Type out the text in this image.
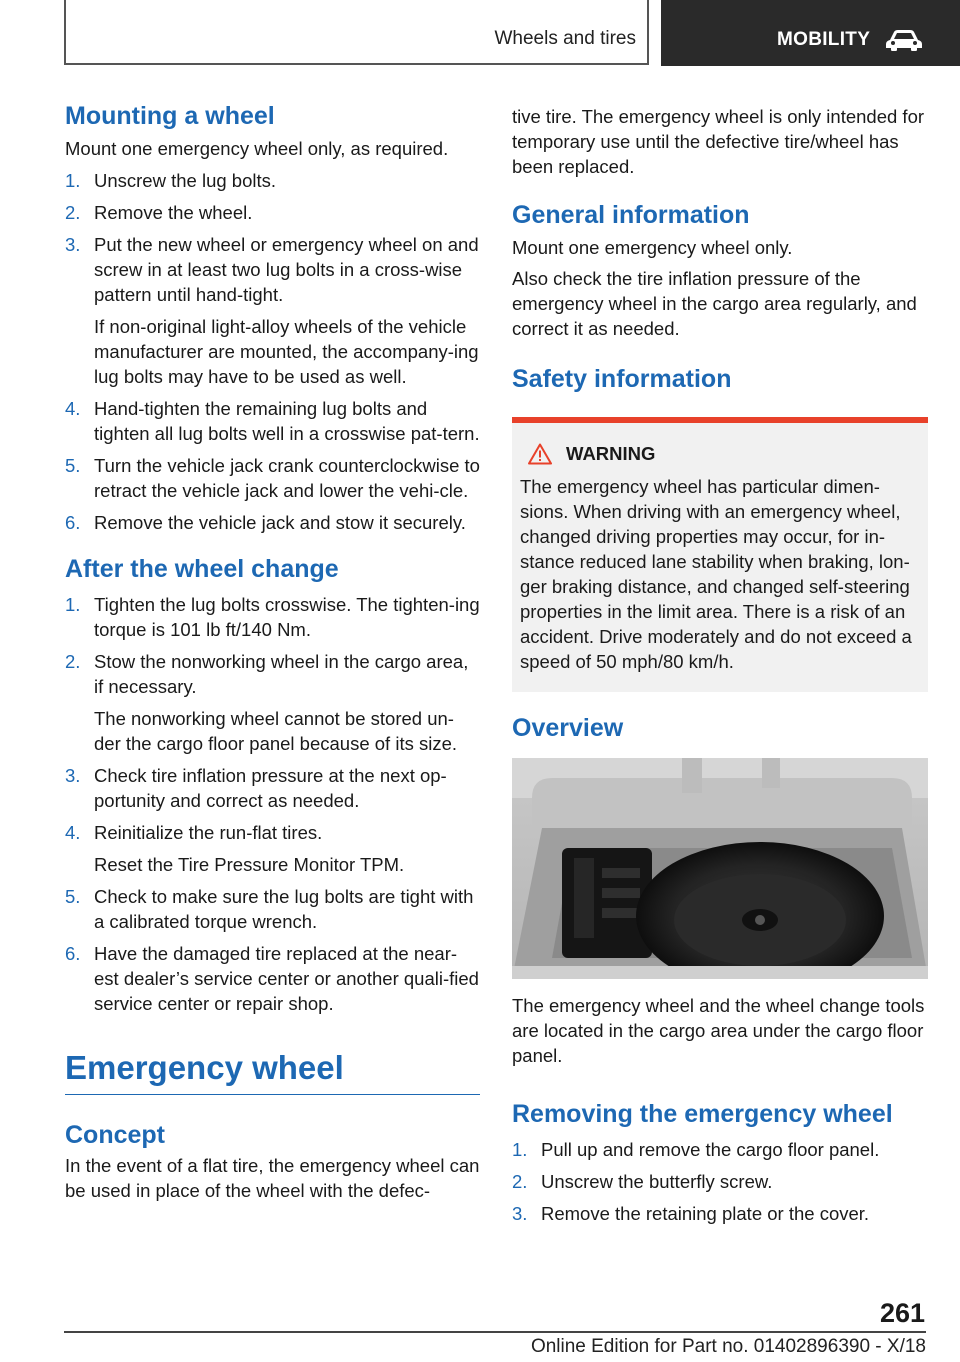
Wheels and tires	MOBILITY
Mounting a wheel

Mount one emergency wheel only, as required.

1. Unscrew the lug bolts.
2. Remove the wheel.
3. Put the new wheel or emergency wheel on and screw in at least two lug bolts in a cross-wise pattern until hand-tight.
If non-original light-alloy wheels of the vehicle manufacturer are mounted, the accompany-ing lug bolts may have to be used as well.
4. Hand-tighten the remaining lug bolts and tighten all lug bolts well in a crosswise pat-tern.
5. Turn the vehicle jack crank counterclockwise to retract the vehicle jack and lower the vehi-cle.
6. Remove the vehicle jack and stow it securely.
After the wheel change
1. Tighten the lug bolts crosswise. The tighten-ing torque is 101 lb ft/140 Nm.
2. Stow the nonworking wheel in the cargo area, if necessary.
The nonworking wheel cannot be stored un-der the cargo floor panel because of its size.
3. Check tire inflation pressure at the next op-portunity and correct as needed.
4. Reinitialize the run-flat tires.
Reset the Tire Pressure Monitor TPM.
5. Check to make sure the lug bolts are tight with a calibrated torque wrench.
6. Have the damaged tire replaced at the near-est dealer’s service center or another quali-fied service center or repair shop.
Emergency wheel
Concept

In the event of a flat tire, the emergency wheel can be used in place of the wheel with the defec-

tive tire. The emergency wheel is only intended for temporary use until the defective tire/wheel has been replaced.

General information

Mount one emergency wheel only.

Also check the tire inflation pressure of the emergency wheel in the cargo area regularly, and correct it as needed.

Safety information
WARNING

The emergency wheel has particular dimen-sions. When driving with an emergency wheel, changed driving properties may occur, for in-stance reduced lane stability when braking, lon-ger braking distance, and changed self-steering properties in the limit area. There is a risk of an accident. Drive moderately and do not exceed a speed of 50 mph/80 km/h.

Overview

The emergency wheel and the wheel change tools are located in the cargo area under the cargo floor panel.

Removing the emergency wheel
1. Pull up and remove the cargo floor panel.
2. Unscrew the butterfly screw.
3. Remove the retaining plate or the cover.
261
Online Edition for Part no. 01402896390 - X/18
